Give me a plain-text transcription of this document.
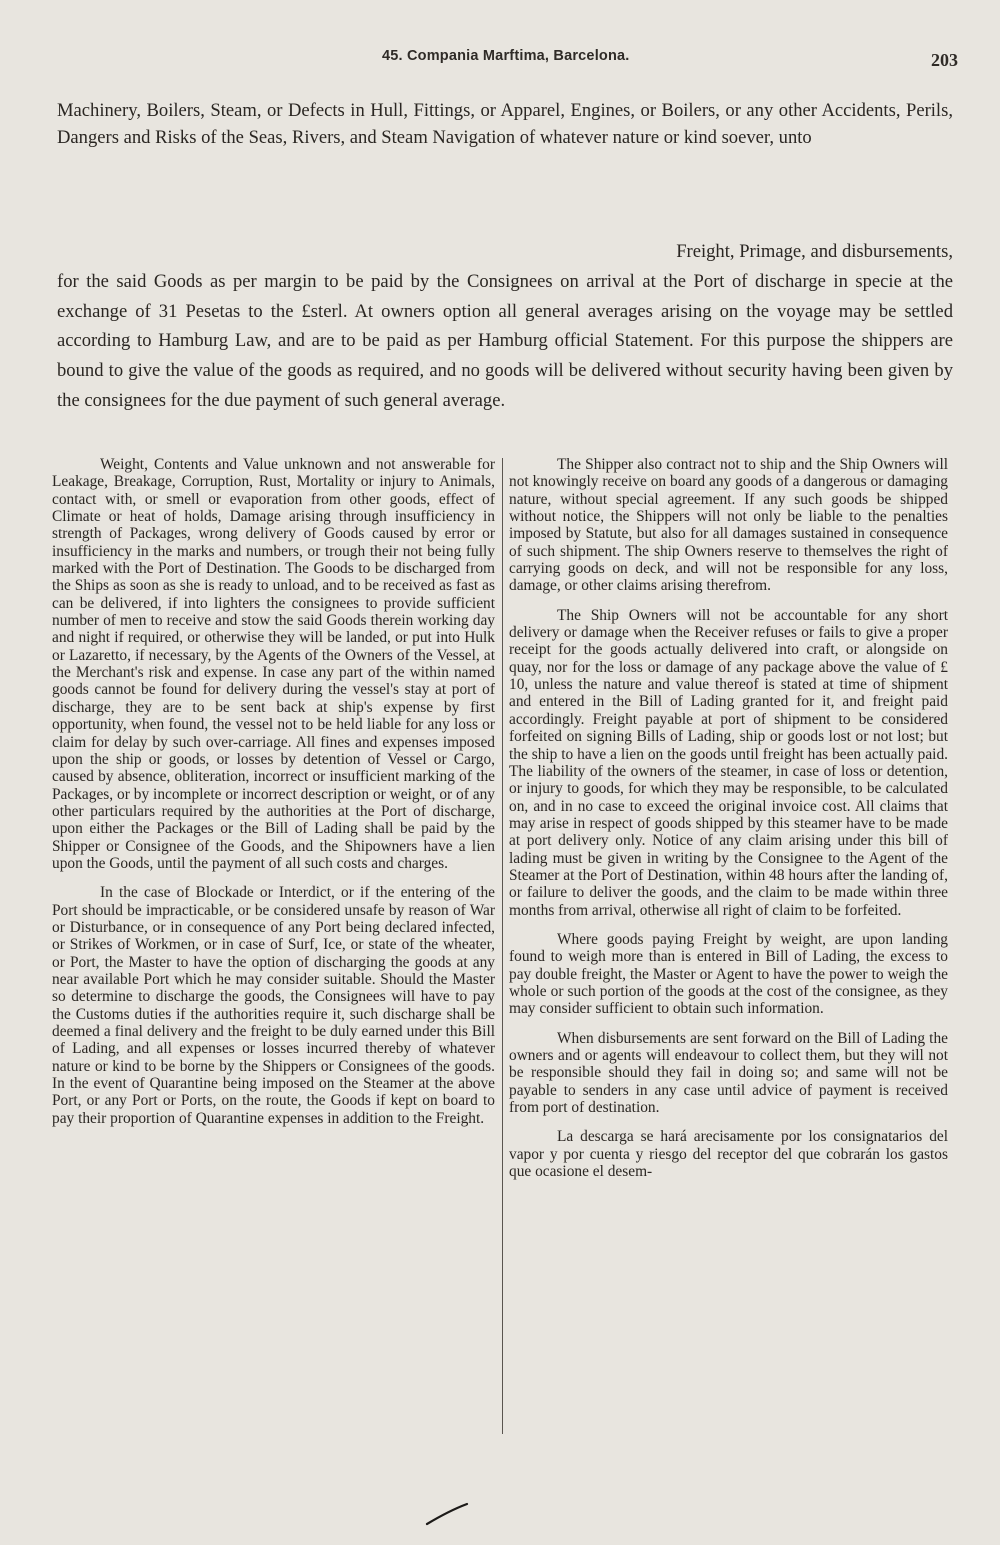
45. Compania Marftima, Barcelona.	203

Machinery, Boilers, Steam, or Defects in Hull, Fittings, or Apparel, Engines, or Boilers, or any other Accidents, Perils, Dangers and Risks of the Seas, Rivers, and Steam Navigation of whatever nature or kind soever, unto

Freight, Primage, and disbursements,
for the said Goods as per margin to be paid by the Consignees on arrival at the Port of discharge in specie at the exchange of 31 Pesetas to the £sterl. At owners option all general averages arising on the voyage may be settled according to Hamburg Law, and are to be paid as per Hamburg official Statement. For this purpose the shippers are bound to give the value of the goods as required, and no goods will be delivered without security having been given by the consignees for the due payment of such general average.

Weight, Contents and Value unknown and not answerable for Leakage, Breakage, Corruption, Rust, Mortality or injury to Animals, contact with, or smell or evaporation from other goods, effect of Climate or heat of holds, Damage arising through insufficiency in strength of Packages, wrong delivery of Goods caused by error or insufficiency in the marks and numbers, or trough their not being fully marked with the Port of Destination. The Goods to be discharged from the Ships as soon as she is ready to unload, and to be received as fast as can be delivered, if into lighters the consignees to provide sufficient number of men to receive and stow the said Goods therein working day and night if required, or otherwise they will be landed, or put into Hulk or Lazaretto, if necessary, by the Agents of the Owners of the Vessel, at the Merchant's risk and expense. In case any part of the within named goods cannot be found for delivery during the vessel's stay at port of discharge, they are to be sent back at ship's expense by first opportunity, when found, the vessel not to be held liable for any loss or claim for delay by such over-carriage. All fines and expenses imposed upon the ship or goods, or losses by detention of Vessel or Cargo, caused by absence, obliteration, incorrect or insufficient marking of the Packages, or by incomplete or incorrect description or weight, or of any other particulars required by the authorities at the Port of discharge, upon either the Packages or the Bill of Lading shall be paid by the Shipper or Consignee of the Goods, and the Shipowners have a lien upon the Goods, until the payment of all such costs and charges.

In the case of Blockade or Interdict, or if the entering of the Port should be impracticable, or be considered unsafe by reason of War or Disturbance, or in consequence of any Port being declared infected, or Strikes of Workmen, or in case of Surf, Ice, or state of the wheater, or Port, the Master to have the option of discharging the goods at any near available Port which he may consider suitable. Should the Master so determine to discharge the goods, the Consignees will have to pay the Customs duties if the authorities require it, such discharge shall be deemed a final delivery and the freight to be duly earned under this Bill of Lading, and all expenses or losses incurred thereby of whatever nature or kind to be borne by the Shippers or Consignees of the goods. In the event of Quarantine being imposed on the Steamer at the above Port, or any Port or Ports, on the route, the Goods if kept on board to pay their proportion of Quarantine expenses in addition to the Freight.

The Shipper also contract not to ship and the Ship Owners will not knowingly receive on board any goods of a dangerous or damaging nature, without special agreement. If any such goods be shipped without notice, the Shippers will not only be liable to the penalties imposed by Statute, but also for all damages sustained in consequence of such shipment. The ship Owners reserve to themselves the right of carrying goods on deck, and will not be responsible for any loss, damage, or other claims arising therefrom.

The Ship Owners will not be accountable for any short delivery or damage when the Receiver refuses or fails to give a proper receipt for the goods actually delivered into craft, or alongside on quay, nor for the loss or damage of any package above the value of £ 10, unless the nature and value thereof is stated at time of shipment and entered in the Bill of Lading granted for it, and freight paid accordingly. Freight payable at port of shipment to be considered forfeited on signing Bills of Lading, ship or goods lost or not lost; but the ship to have a lien on the goods until freight has been actually paid. The liability of the owners of the steamer, in case of loss or detention, or injury to goods, for which they may be responsible, to be calculated on, and in no case to exceed the original invoice cost. All claims that may arise in respect of goods shipped by this steamer have to be made at port delivery only. Notice of any claim arising under this bill of lading must be given in writing by the Consignee to the Agent of the Steamer at the Port of Destination, within 48 hours after the landing of, or failure to deliver the goods, and the claim to be made within three months from arrival, otherwise all right of claim to be forfeited.

Where goods paying Freight by weight, are upon landing found to weigh more than is entered in Bill of Lading, the excess to pay double freight, the Master or Agent to have the power to weigh the whole or such portion of the goods at the cost of the consignee, as they may consider sufficient to obtain such information.

When disbursements are sent forward on the Bill of Lading the owners and or agents will endeavour to collect them, but they will not be responsible should they fail in doing so; and same will not be payable to senders in any case until advice of payment is received from port of destination.

La descarga se hará arecisamente por los consignatarios del vapor y por cuenta y riesgo del receptor del que cobrarán los gastos que ocasione el desem-
